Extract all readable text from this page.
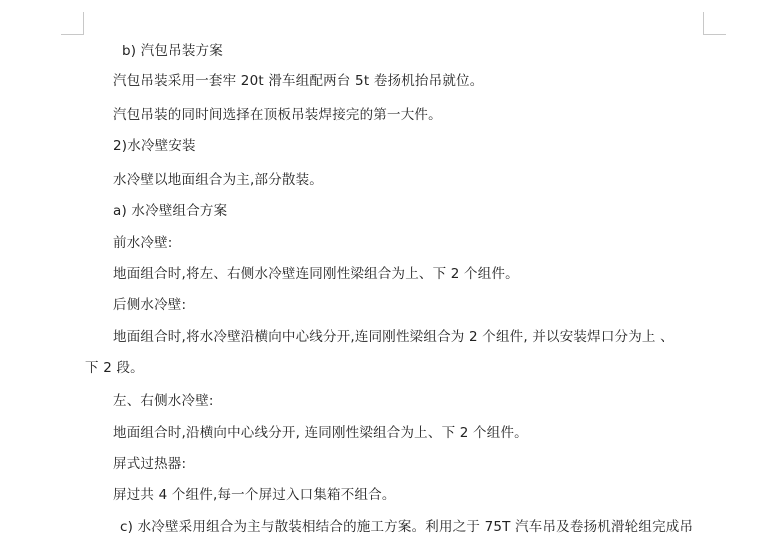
b) 汽包吊装方案
汽包吊装采用一套牢 20t 滑车组配两台 5t 卷扬机抬吊就位。
汽包吊装的同时间选择在顶板吊装焊接完的第一大件。
2)水冷壁安装
水冷壁以地面组合为主,部分散装。
a) 水冷壁组合方案
前水冷壁:
地面组合时,将左、右侧水冷壁连同刚性梁组合为上、下 2 个组件。
后侧水冷壁:
地面组合时,将水冷壁沿横向中心线分开,连同刚性梁组合为 2 个组件, 并以安装焊口分为上 、
下 2 段。
左、右侧水冷壁:
地面组合时,沿横向中心线分开, 连同刚性梁组合为上、下 2 个组件。
屏式过热器:
屏过共 4 个组件,每一个屏过入口集箱不组合。
c) 水冷壁采用组合为主与散装相结合的施工方案。利用之于 75T 汽车吊及卷扬机滑轮组完成吊
